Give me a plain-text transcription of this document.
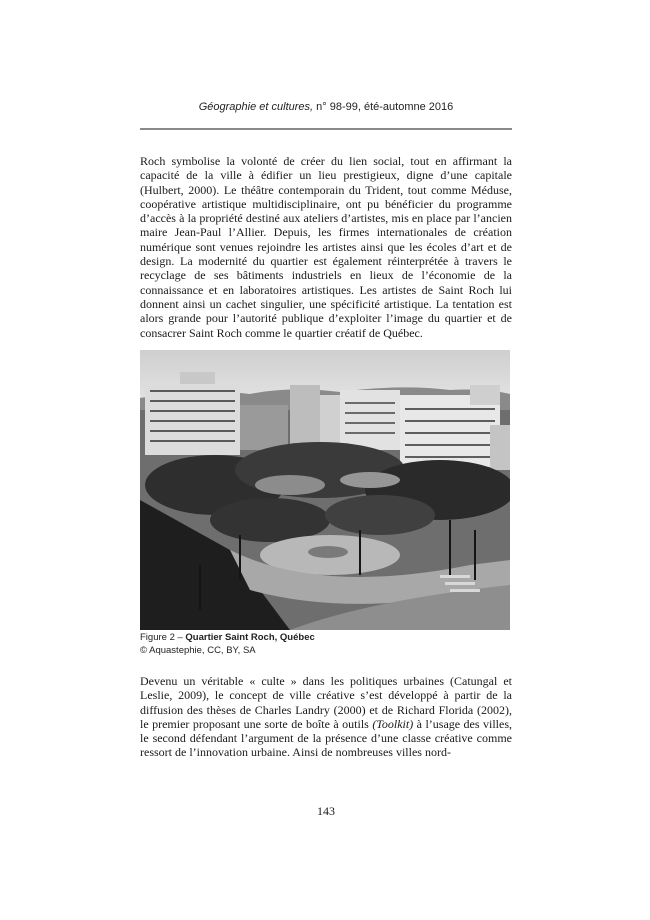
Géographie et cultures, n° 98-99, été-automne 2016

Roch symbolise la volonté de créer du lien social, tout en affirmant la capacité de la ville à édifier un lieu prestigieux, digne d’une capitale (Hulbert, 2000). Le théâtre contemporain du Trident, tout comme Méduse, coopérative artistique multidisciplinaire, ont pu bénéficier du programme d’accès à la propriété destiné aux ateliers d’artistes, mis en place par l’ancien maire Jean-Paul l’Allier. Depuis, les firmes internationales de création numérique sont venues rejoindre les artistes ainsi que les écoles d’art et de design. La modernité du quartier est également réinterprétée à travers le recyclage de ses bâtiments industriels en lieux de l’économie de la connaissance et en laboratoires artistiques. Les artistes de Saint Roch lui donnent ainsi un cachet singulier, une spécificité artistique. La tentation est alors grande pour l’autorité publique d’exploiter l’image du quartier et de consacrer Saint Roch comme le quartier créatif de Québec.

Figure 2 – Quartier Saint Roch, Québec
© Aquastephie, CC, BY, SA

Devenu un véritable « culte » dans les politiques urbaines (Catungal et Leslie, 2009), le concept de ville créative s’est développé à partir de la diffusion des thèses de Charles Landry (2000) et de Richard Florida (2002), le premier proposant une sorte de boîte à outils (Toolkit) à l’usage des villes, le second défendant l’argument de la présence d’une classe créative comme ressort de l’innovation urbaine. Ainsi de nombreuses villes nord-

143
